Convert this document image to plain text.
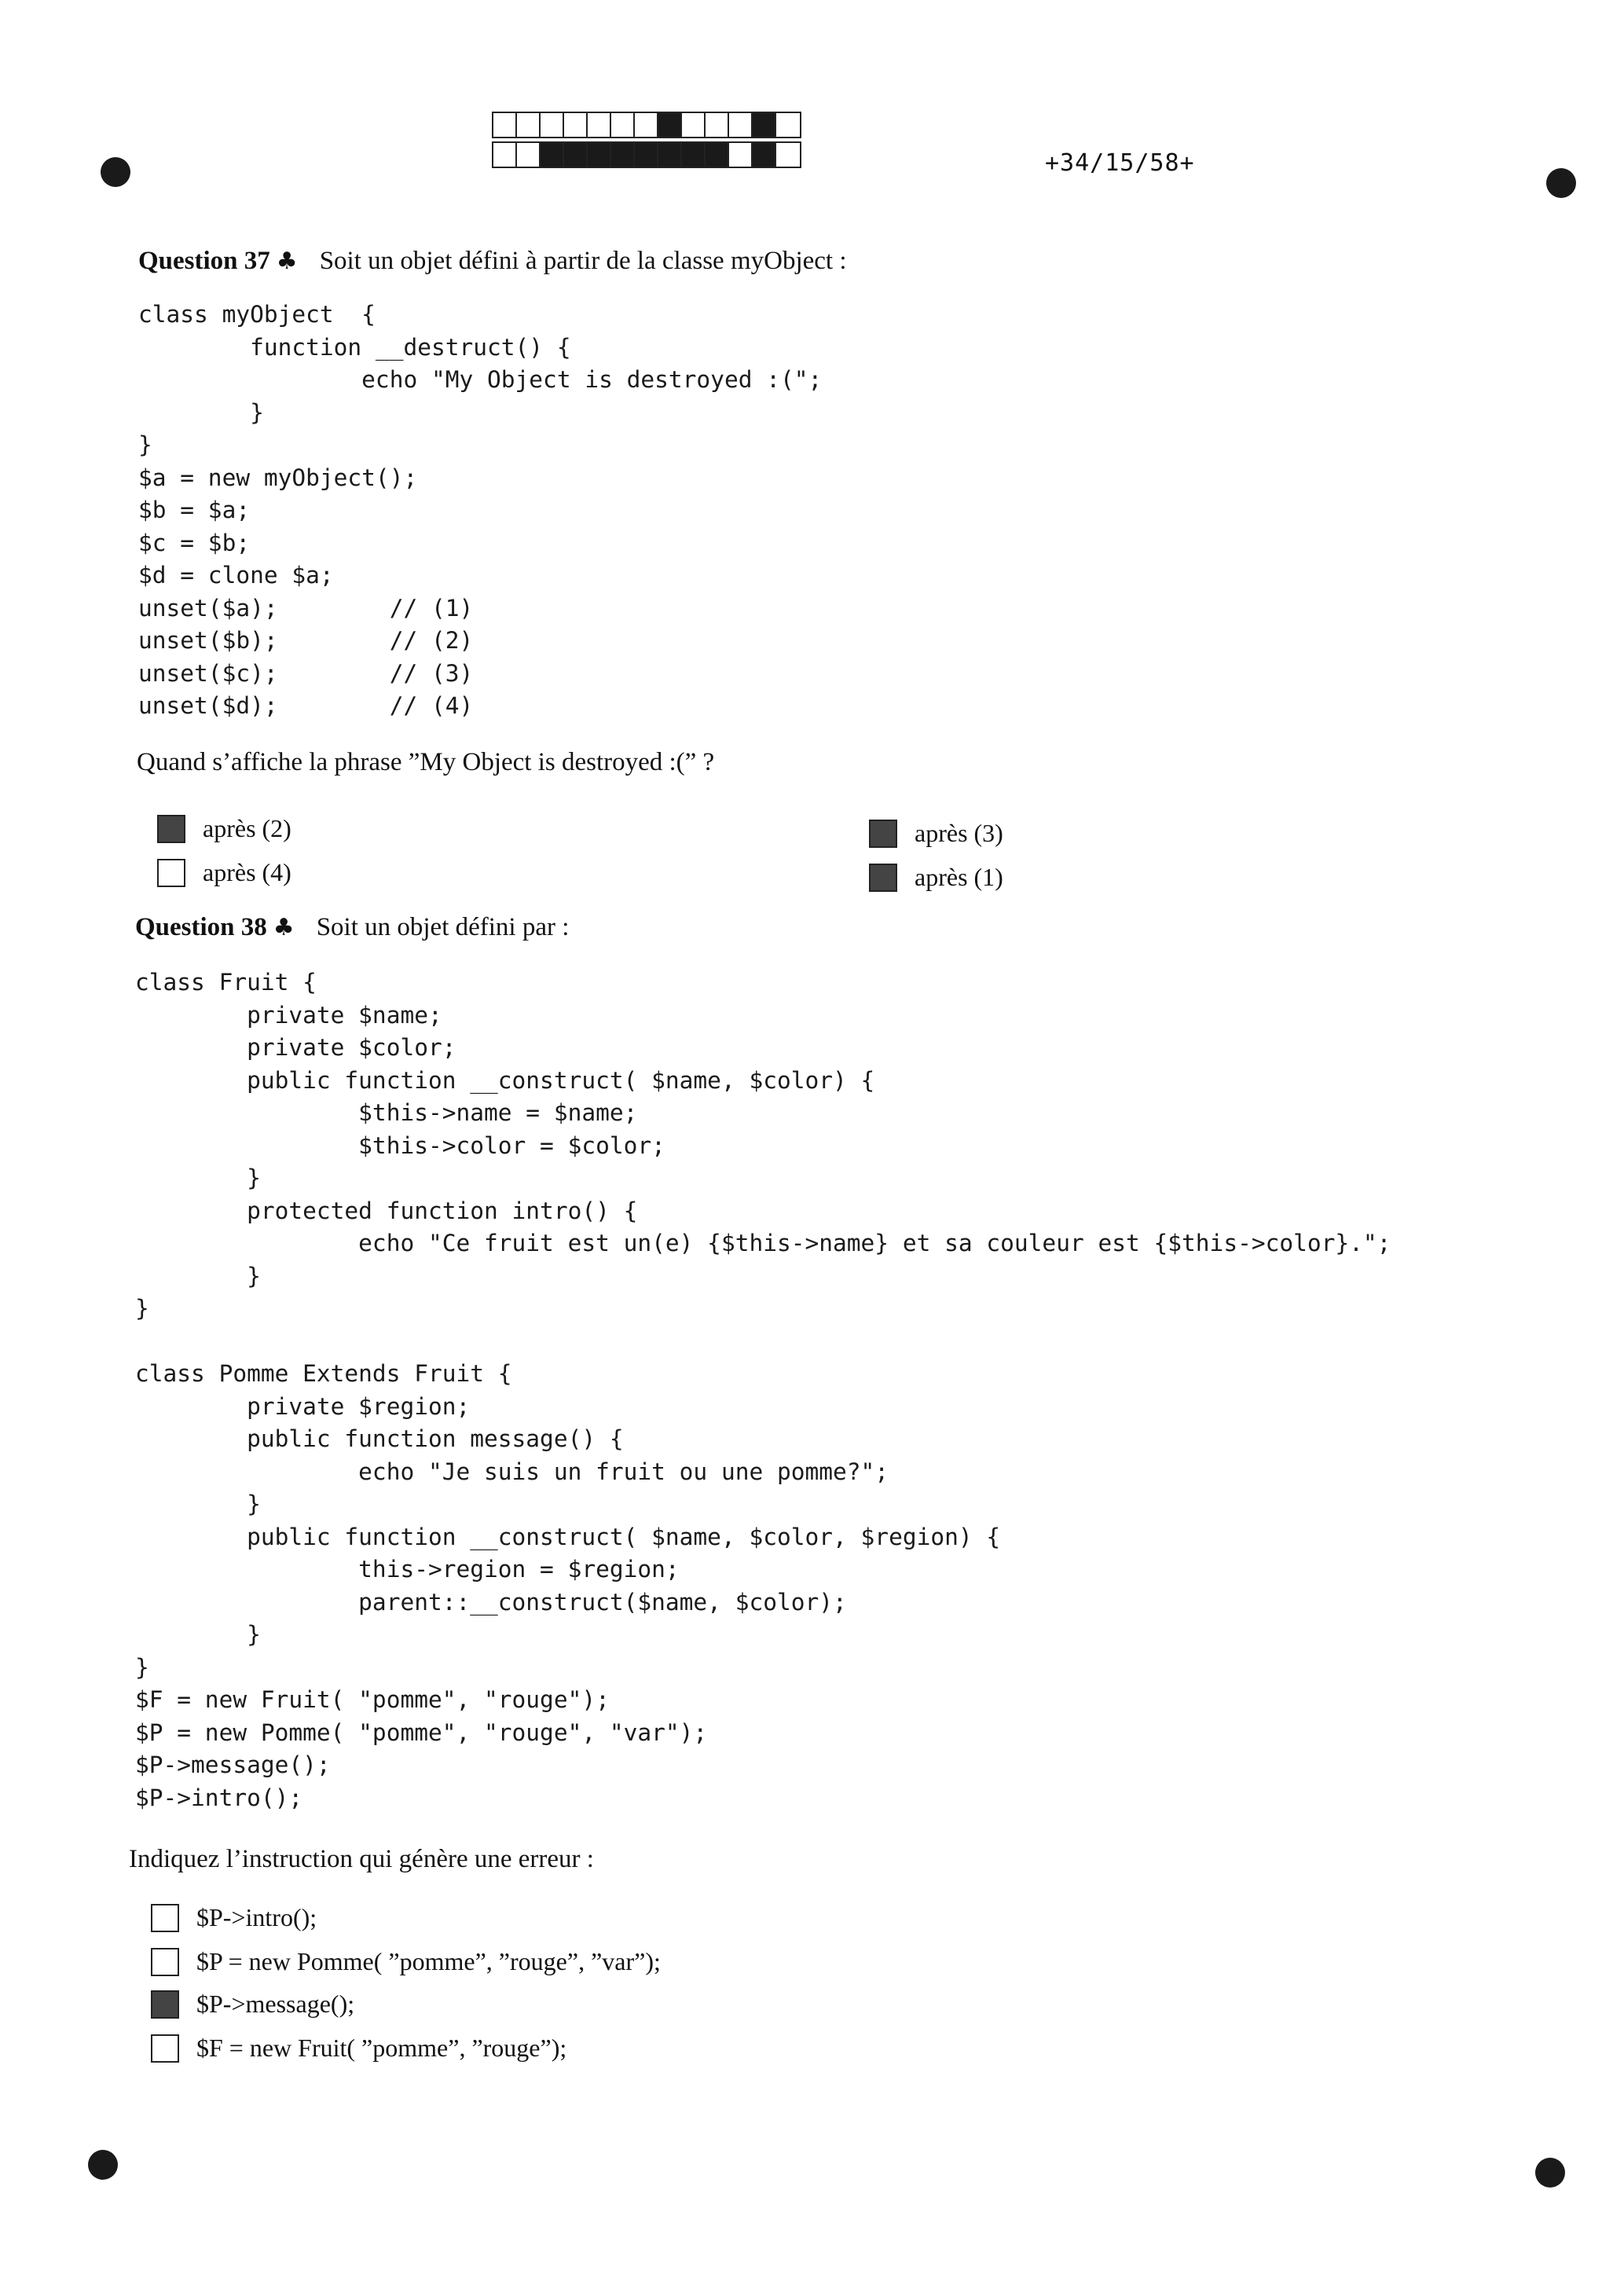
+34/15/58+
Question 37 ♣ Soit un objet défini à partir de la classe myObject :
class myObject  {
function __destruct() {
echo "My Object is destroyed :(";
}
}
$a = new myObject();
$b = $a;
$c = $b;
$d = clone $a;
unset($a);        // (1)
unset($b);        // (2)
unset($c);        // (3)
unset($d);        // (4)
Quand s’affiche la phrase ”My Object is destroyed :(” ?
après (2)
après (4)
après (3)
après (1)
Question 38 ♣ Soit un objet défini par :
class Fruit {
private $name;
private $color;
public function __construct( $name, $color) {
$this->name = $name;
$this->color = $color;
}
protected function intro() {
echo "Ce fruit est un(e) {$this->name} et sa couleur est {$this->color}.";
}
}

class Pomme Extends Fruit {
private $region;
public function message() {
echo "Je suis un fruit ou une pomme?";
}
public function __construct( $name, $color, $region) {
this->region = $region;
parent::__construct($name, $color);
}
}
$F = new Fruit( "pomme", "rouge");
$P = new Pomme( "pomme", "rouge", "var");
$P->message();
$P->intro();
Indiquez l’instruction qui génère une erreur :
$P->intro();
$P = new Pomme( ”pomme”, ”rouge”, ”var”);
$P->message();
$F = new Fruit( ”pomme”, ”rouge”);
